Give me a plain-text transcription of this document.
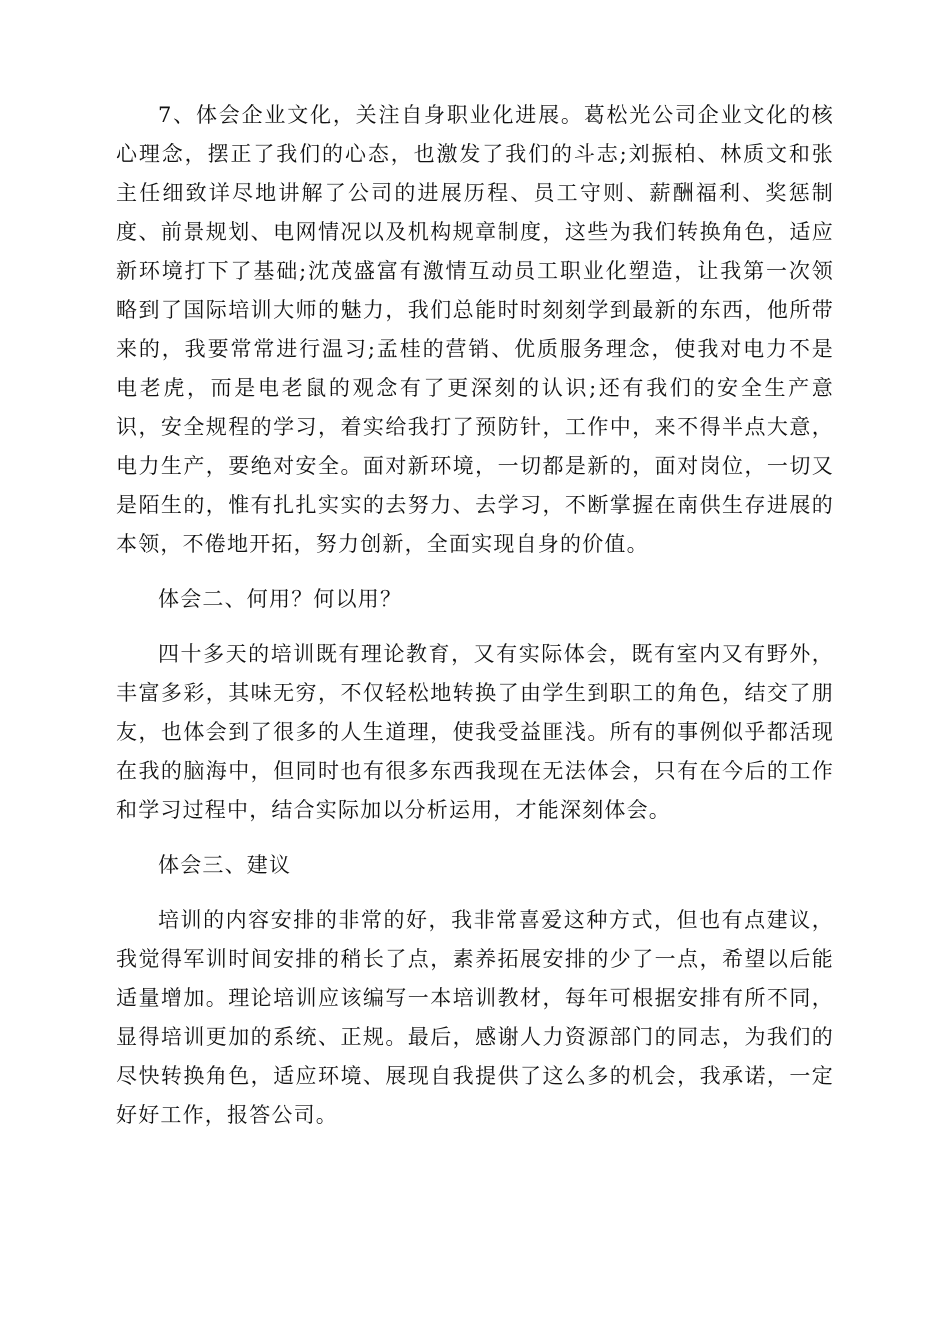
7、体会企业文化，关注自身职业化进展。葛松光公司企业文化的核心理念，摆正了我们的心态，也激发了我们的斗志;刘振柏、林质文和张主任细致详尽地讲解了公司的进展历程、员工守则、薪酬福利、奖惩制度、前景规划、电网情况以及机构规章制度，这些为我们转换角色，适应新环境打下了基础;沈茂盛富有激情互动员工职业化塑造，让我第一次领略到了国际培训大师的魅力，我们总能时时刻刻学到最新的东西，他所带来的，我要常常进行温习;孟桂的营销、优质服务理念，使我对电力不是电老虎，而是电老鼠的观念有了更深刻的认识;还有我们的安全生产意识，安全规程的学习，着实给我打了预防针，工作中，来不得半点大意，电力生产，要绝对安全。面对新环境，一切都是新的，面对岗位，一切又是陌生的，惟有扎扎实实的去努力、去学习，不断掌握在南供生存进展的本领，不倦地开拓，努力创新，全面实现自身的价值。

体会二、何用？何以用？

四十多天的培训既有理论教育，又有实际体会，既有室内又有野外，丰富多彩，其味无穷，不仅轻松地转换了由学生到职工的角色，结交了朋友，也体会到了很多的人生道理，使我受益匪浅。所有的事例似乎都活现在我的脑海中，但同时也有很多东西我现在无法体会，只有在今后的工作和学习过程中，结合实际加以分析运用，才能深刻体会。

体会三、建议

培训的内容安排的非常的好，我非常喜爱这种方式，但也有点建议，我觉得军训时间安排的稍长了点，素养拓展安排的少了一点，希望以后能适量增加。理论培训应该编写一本培训教材，每年可根据安排有所不同，显得培训更加的系统、正规。最后，感谢人力资源部门的同志，为我们的尽快转换角色，适应环境、展现自我提供了这么多的机会，我承诺，一定好好工作，报答公司。
